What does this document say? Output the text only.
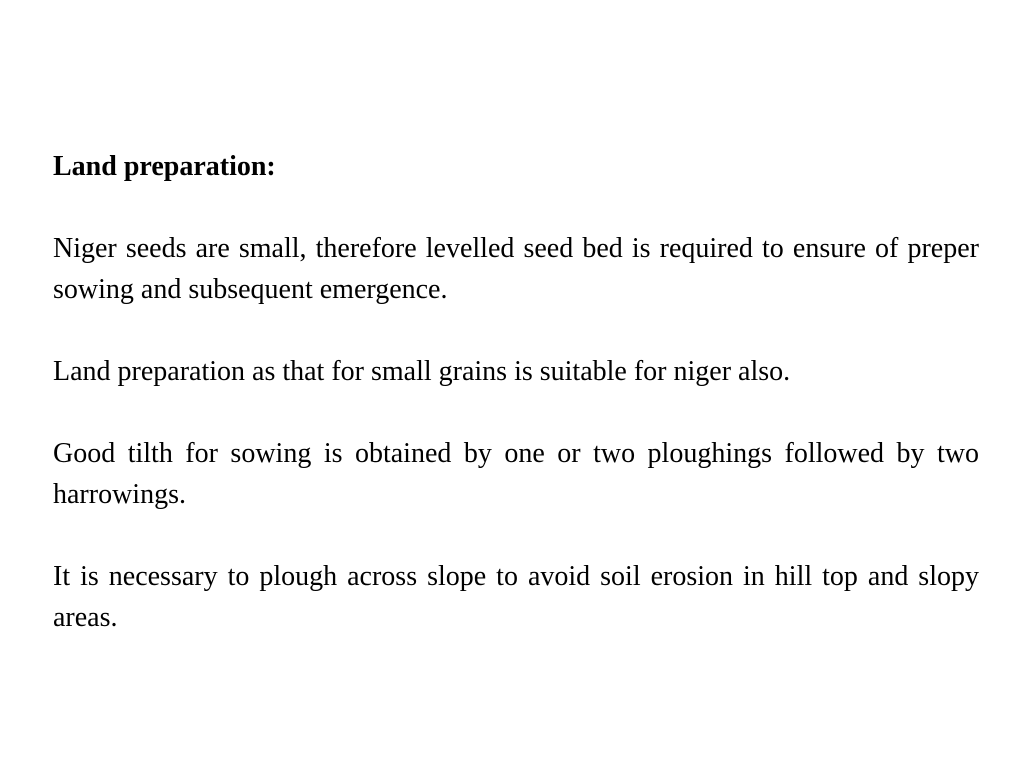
Land preparation:

Niger seeds are small, therefore levelled seed bed is required to ensure of preper sowing and subsequent emergence.

Land preparation as that for small grains is suitable for niger also.

Good tilth for sowing is obtained by one or two ploughings followed by two harrowings.

It is necessary to plough across slope to avoid soil erosion in hill top and slopy areas.
